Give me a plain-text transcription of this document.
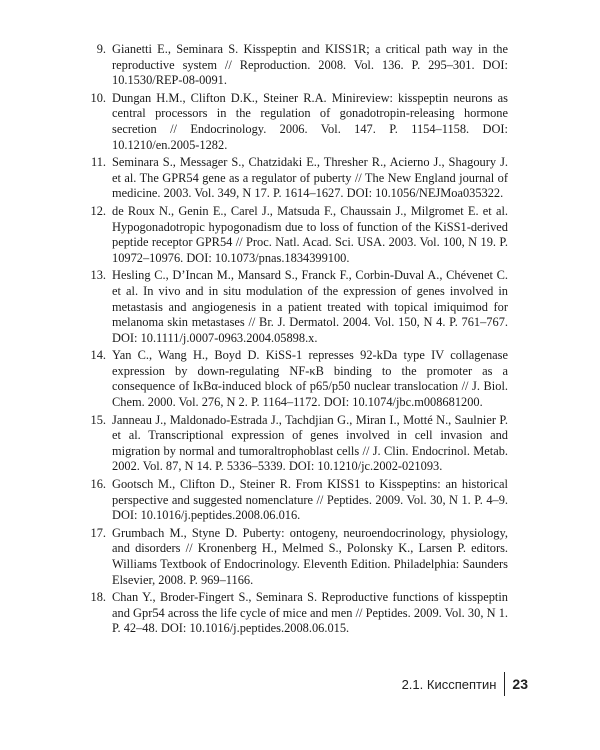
9. Gianetti E., Seminara S. Kisspeptin and KISS1R; a critical path way in the reproductive system // Reproduction. 2008. Vol. 136. P. 295–301. DOI: 10.1530/REP-08-0091.
10. Dungan H.M., Clifton D.K., Steiner R.A. Minireview: kisspeptin neurons as central processors in the regulation of gonadotropin-releasing hormone secretion // Endocrinology. 2006. Vol. 147. P. 1154–1158. DOI: 10.1210/en.2005-1282.
11. Seminara S., Messager S., Chatzidaki E., Thresher R., Acierno J., Shagoury J. et al. The GPR54 gene as a regulator of puberty // The New England journal of medicine. 2003. Vol. 349, N 17. P. 1614–1627. DOI: 10.1056/NEJMoa035322.
12. de Roux N., Genin E., Carel J., Matsuda F., Chaussain J., Milgromet E. et al. Hypogonadotropic hypogonadism due to loss of function of the KiSS1-derived peptide receptor GPR54 // Proc. Natl. Acad. Sci. USA. 2003. Vol. 100, N 19. P. 10972–10976. DOI: 10.1073/pnas.1834399100.
13. Hesling C., D’Incan M., Mansard S., Franck F., Corbin-Duval A., Chévenet C. et al. In vivo and in situ modulation of the expression of genes involved in metastasis and angiogenesis in a patient treated with topical imiquimod for melanoma skin metastases // Br. J. Dermatol. 2004. Vol. 150, N 4. P. 761–767. DOI: 10.1111/j.0007-0963.2004.05898.x.
14. Yan C., Wang H., Boyd D. KiSS-1 represses 92-kDa type IV collagenase expression by down-regulating NF-κB binding to the promoter as a consequence of IκBα-induced block of p65/p50 nuclear translocation // J. Biol. Chem. 2000. Vol. 276, N 2. P. 1164–1172. DOI: 10.1074/jbc.m008681200.
15. Janneau J., Maldonado-Estrada J., Tachdjian G., Miran I., Motté N., Saulnier P. et al. Transcriptional expression of genes involved in cell invasion and migration by normal and tumoraltrophoblast cells // J. Clin. Endocrinol. Metab. 2002. Vol. 87, N 14. P. 5336–5339. DOI: 10.1210/jc.2002-021093.
16. Gootsch M., Clifton D., Steiner R. From KISS1 to Kisspeptins: an historical perspective and suggested nomenclature // Peptides. 2009. Vol. 30, N 1. P. 4–9. DOI: 10.1016/j.peptides.2008.06.016.
17. Grumbach M., Styne D. Puberty: ontogeny, neuroendocrinology, physiology, and disorders // Kronenberg H., Melmed S., Polonsky K., Larsen P. editors. Williams Textbook of Endocrinology. Eleventh Edition. Philadelphia: Saunders Elsevier, 2008. P. 969–1166.
18. Chan Y., Broder-Fingert S., Seminara S. Reproductive functions of kisspeptin and Gpr54 across the life cycle of mice and men // Peptides. 2009. Vol. 30, N 1. P. 42–48. DOI: 10.1016/j.peptides.2008.06.015.
2.1. Кисспептин	23
